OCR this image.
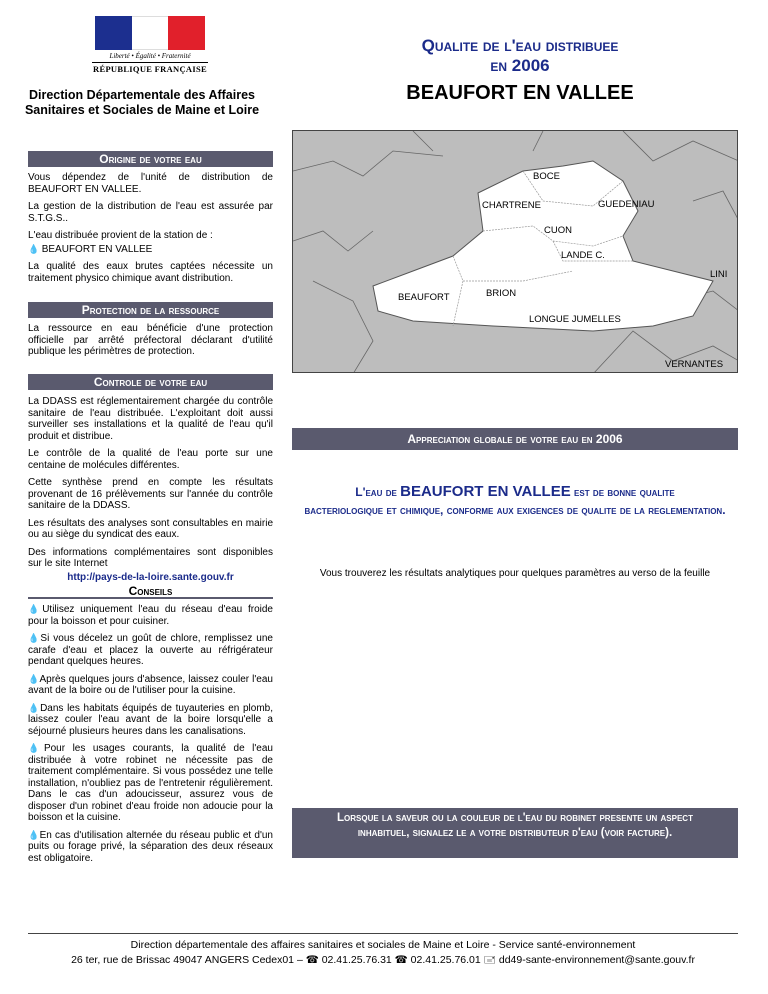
Liberté • Égalité • Fraternité
RÉPUBLIQUE FRANÇAISE
Direction Départementale des Affaires Sanitaires et Sociales de Maine et Loire
Qualite de l'eau distribuee
en 2006
BEAUFORT EN VALLEE
Origine de votre eau

Vous dépendez de l'unité de distribution de BEAUFORT EN VALLEE.

La gestion de la distribution de l'eau est assurée par S.T.G.S..

L'eau distribuée provient de la station de :

💧 BEAUFORT EN VALLEE

La qualité des eaux brutes captées nécessite un traitement physico chimique avant distribution.

Protection de la ressource
La ressource en eau bénéficie d'une protection officielle par arrêté préfectoral déclarant d'utilité publique les périmètres de protection.
Controle de votre eau

La DDASS est réglementairement chargée du contrôle sanitaire de l'eau distribuée. L'exploitant doit aussi surveiller ses installations et la qualité de l'eau qu'il produit et distribue.

Le contrôle de la qualité de l'eau porte sur une centaine de molécules différentes.

Cette synthèse prend en compte les résultats provenant de 16 prélèvements sur l'année du contrôle sanitaire de la DDASS.

Les résultats des analyses sont consultables en mairie ou au siège du syndicat des eaux.

Des informations complémentaires sont disponibles sur le site Internet

http://pays-de-la-loire.sante.gouv.fr

Conseils

💧Utilisez uniquement l'eau du réseau d'eau froide pour la boisson et pour cuisiner.

💧Si vous décelez un goût de chlore, remplissez une carafe d'eau et placez la ouverte au réfrigérateur pendant quelques heures.

💧Après quelques jours d'absence, laissez couler l'eau avant de la boire ou de l'utiliser pour la cuisine.

💧Dans les habitats équipés de tuyauteries en plomb, laissez couler l'eau avant de la boire lorsqu'elle a séjourné plusieurs heures dans les canalisations.

💧Pour les usages courants, la qualité de l'eau distribuée à votre robinet ne nécessite pas de traitement complémentaire. Si vous possédez une telle installation, n'oubliez pas de l'entretenir régulièrement. Dans le cas d'un adoucisseur, assurez vous de disposer d'un robinet d'eau froide non adoucie pour la boisson et la cuisine.

💧En cas d'utilisation alternée du réseau public et d'un puits ou forage privé, la séparation des deux réseaux est obligatoire.

BOCE
CHARTRENE	GUEDENIAU
CUON
LANDE C.
LINI
BEAUFORT	BRION
LONGUE JUMELLES
VERNANTES
Appreciation globale de votre eau en 2006
L'eau de BEAUFORT EN VALLEE est de bonne qualite
bacteriologique et chimique, conforme aux exigences de qualite de la reglementation.
Vous trouverez les résultats analytiques pour quelques paramètres au verso de la feuille
Lorsque la saveur ou la couleur de l'eau du robinet presente un aspect inhabituel, signalez le a votre distributeur d'eau (voir facture).
Direction départementale des affaires sanitaires et sociales de Maine et Loire - Service santé-environnement
26 ter, rue de Brissac 49047 ANGERS Cedex01 – ☎ 02.41.25.76.31 ☎ 02.41.25.76.01 🖃 dd49-sante-environnement@sante.gouv.fr
